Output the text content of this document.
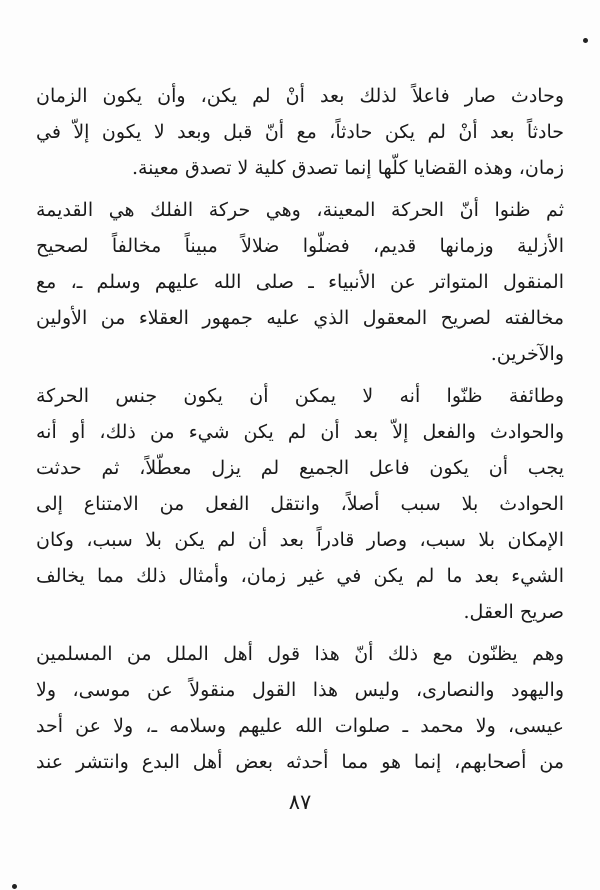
وحادث صار فاعلاً لذلك بعد أنْ لم يكن، وأن يكون الزمان
حادثاً بعد أنْ لم يكن حادثاً، مع أنّ قبل وبعد لا يكون إلاّ في
زمان، وهذه القضايا كلّها إنما تصدق كلية لا تصدق معينة.
ثم ظنوا أنّ الحركة المعينة، وهي حركة الفلك هي القديمة
الأزلية وزمانها قديم، فضلّوا ضلالاً مبيناً مخالفاً لصحيح
المنقول المتواتر عن الأنبياء ـ صلى الله عليهم وسلم ـ، مع
مخالفته لصريح المعقول الذي عليه جمهور العقلاء من الأولين
والآخرين.
وطائفة ظنّوا أنه لا يمكن أن يكون جنس الحركة
والحوادث والفعل إلاّ بعد أن لم يكن شيء من ذلك، أو أنه
يجب أن يكون فاعل الجميع لم يزل معطّلاً، ثم حدثت
الحوادث بلا سبب أصلاً، وانتقل الفعل من الامتناع إلى
الإمكان بلا سبب، وصار قادراً بعد أن لم يكن بلا سبب، وكان
الشيء بعد ما لم يكن في غير زمان، وأمثال ذلك مما يخالف
صريح العقل.
وهم يظنّون مع ذلك أنّ هذا قول أهل الملل من المسلمين
واليهود والنصارى، وليس هذا القول منقولاً عن موسى، ولا
عيسى، ولا محمد ـ صلوات الله عليهم وسلامه ـ، ولا عن أحد
من أصحابهم، إنما هو مما أحدثه بعض أهل البدع وانتشر عند
٨٧
